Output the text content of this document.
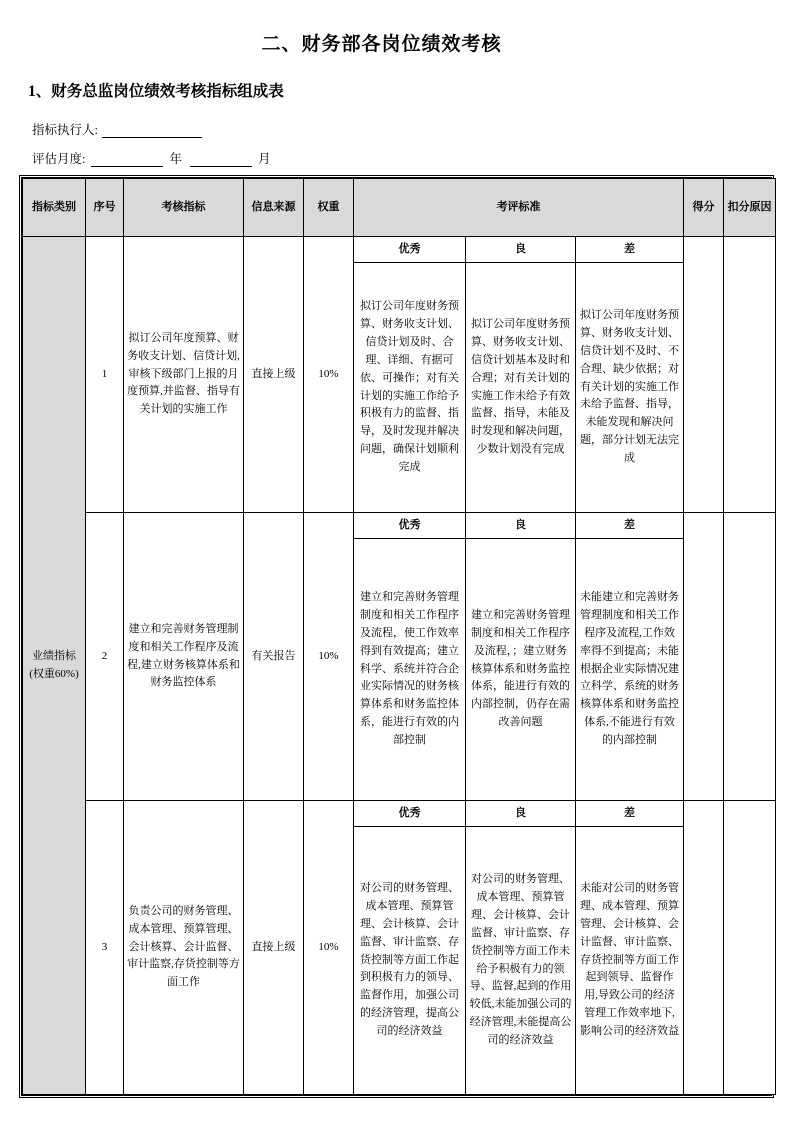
二、财务部各岗位绩效考核
1、财务总监岗位绩效考核指标组成表
指标执行人:
评估月度:	年	月
指标类别	序号	考核指标	信息来源	权重	考评标准			得分	扣分原因
业绩指标(权重60%)	1	拟订公司年度预算、财务收支计划、信贷计划,审核下级部门上报的月度预算,并监督、指导有关计划的实施工作	直接上级	10%	优秀	良	差		
					拟订公司年度财务预算、财务收支计划、信贷计划及时、合理、详细、有据可依、可操作；对有关计划的实施工作给予积极有力的监督、指导，及时发现并解决问题，确保计划顺利完成	拟订公司年度财务预算、财务收支计划、信贷计划基本及时和合理；对有关计划的实施工作未给予有效监督、指导，未能及时发现和解决问题，少数计划没有完成	拟订公司年度财务预算、财务收支计划、信贷计划不及时、不合理、缺少依据；对有关计划的实施工作未给予监督、指导，未能发现和解决问题，部分计划无法完成		
	2	建立和完善财务管理制度和相关工作程序及流程,建立财务核算体系和财务监控体系	有关报告	10%	优秀	良	差		
					建立和完善财务管理制度和相关工作程序及流程，使工作效率得到有效提高；建立科学、系统并符合企业实际情况的财务核算体系和财务监控体系，能进行有效的内部控制	建立和完善财务管理制度和相关工作程序及流程，；建立财务核算体系和财务监控体系，能进行有效的内部控制，仍存在需改善问题	未能建立和完善财务管理制度和相关工作程序及流程,工作效率得不到提高；未能根据企业实际情况建立科学、系统的财务核算体系和财务监控体系,不能进行有效的内部控制		
	3	负责公司的财务管理、成本管理、预算管理、会计核算、会计监督、审计监察,存货控制等方面工作	直接上级	10%	优秀	良	差		
					对公司的财务管理、成本管理、预算管理、会计核算、会计监督、审计监察、存货控制等方面工作起到积极有力的领导、监督作用，加强公司的经济管理，提高公司的经济效益	对公司的财务管理、成本管理、预算管理、会计核算、会计监督、审计监察、存货控制等方面工作未给予积极有力的领导、监督,起到的作用较低,未能加强公司的经济管理,未能提高公司的经济效益	未能对公司的财务管理、成本管理、预算管理、会计核算、会计监督、审计监察、存货控制等方面工作起到领导、监督作用,导致公司的经济管理工作效率地下,影响公司的经济效益		
